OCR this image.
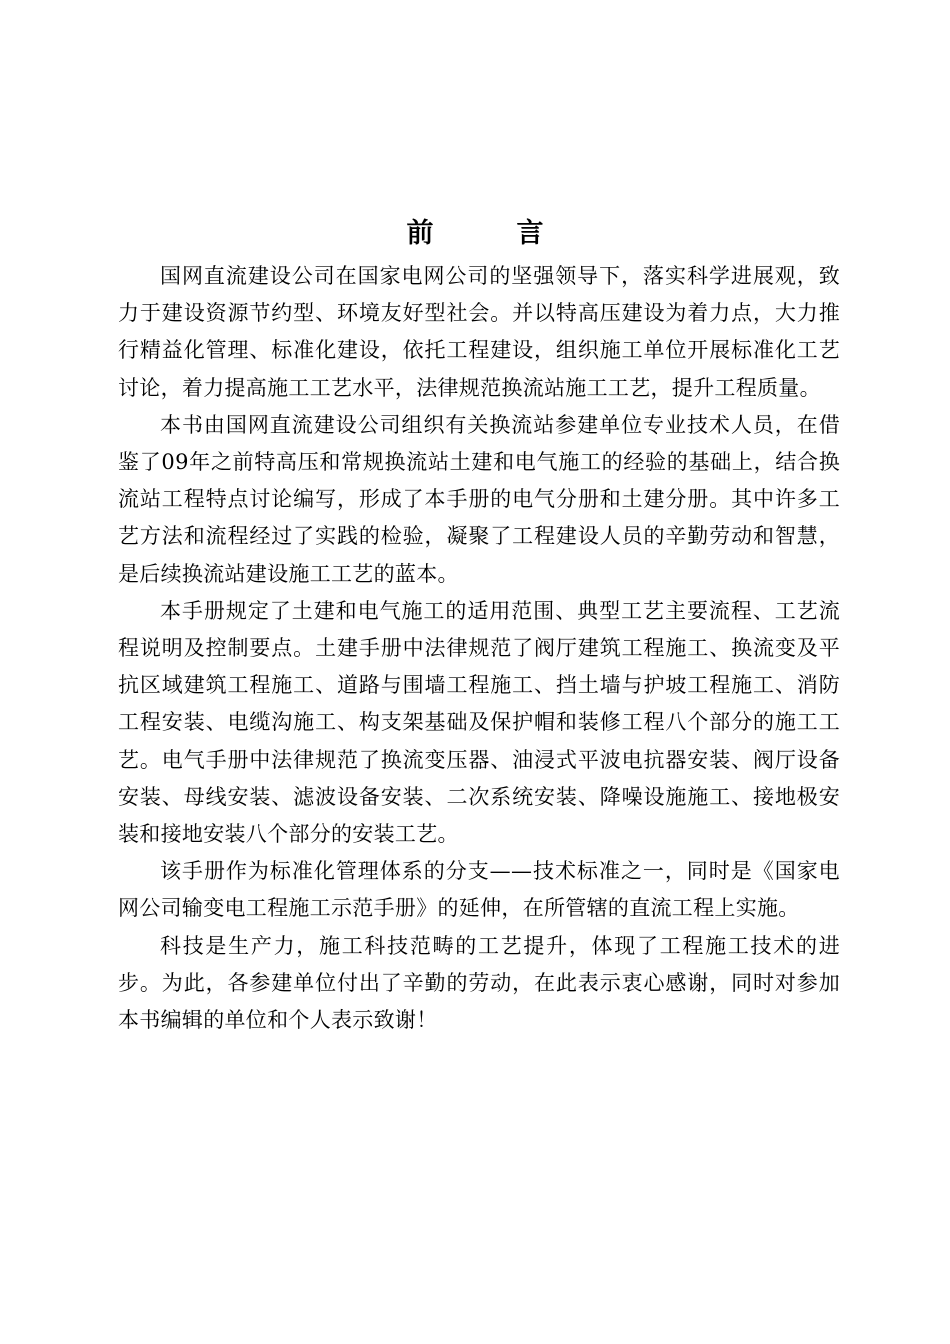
前　言

国网直流建设公司在国家电网公司的坚强领导下，落实科学进展观，致力于建设资源节约型、环境友好型社会。并以特高压建设为着力点，大力推行精益化管理、标准化建设，依托工程建设，组织施工单位开展标准化工艺讨论，着力提高施工工艺水平，法律规范换流站施工工艺，提升工程质量。

本书由国网直流建设公司组织有关换流站参建单位专业技术人员，在借鉴了09年之前特高压和常规换流站土建和电气施工的经验的基础上，结合换流站工程特点讨论编写，形成了本手册的电气分册和土建分册。其中许多工艺方法和流程经过了实践的检验，凝聚了工程建设人员的辛勤劳动和智慧，是后续换流站建设施工工艺的蓝本。

本手册规定了土建和电气施工的适用范围、典型工艺主要流程、工艺流程说明及控制要点。土建手册中法律规范了阀厅建筑工程施工、换流变及平抗区域建筑工程施工、道路与围墙工程施工、挡土墙与护坡工程施工、消防工程安装、电缆沟施工、构支架基础及保护帽和装修工程八个部分的施工工艺。电气手册中法律规范了换流变压器、油浸式平波电抗器安装、阀厅设备安装、母线安装、滤波设备安装、二次系统安装、降噪设施施工、接地极安装和接地安装八个部分的安装工艺。

该手册作为标准化管理体系的分支——技术标准之一，同时是《国家电网公司输变电工程施工示范手册》的延伸，在所管辖的直流工程上实施。

科技是生产力，施工科技范畴的工艺提升，体现了工程施工技术的进步。为此，各参建单位付出了辛勤的劳动，在此表示衷心感谢，同时对参加本书编辑的单位和个人表示致谢！
